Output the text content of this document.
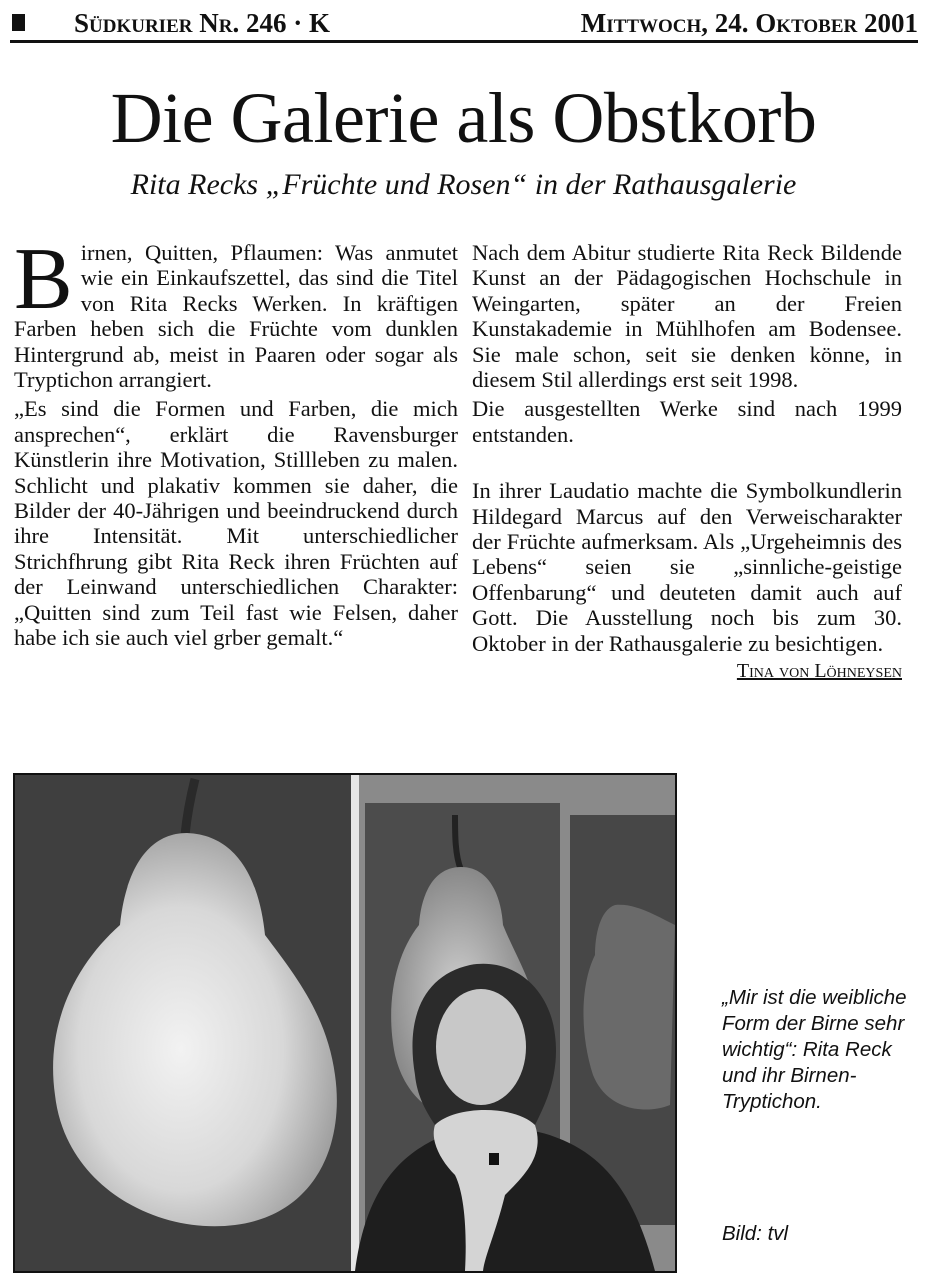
Südkurier Nr. 246 · K	Mittwoch, 24. Oktober 2001
Die Galerie als Obstkorb
Rita Recks „Früchte und Rosen“ in der Rathausgalerie

Birnen, Quitten, Pflaumen: Was anmutet wie ein Einkaufszettel, das sind die Titel von Rita Recks Werken. In kräftigen Farben heben sich die Früchte vom dunklen Hintergrund ab, meist in Paaren oder sogar als Tryptichon arrangiert.

„Es sind die Formen und Farben, die mich ansprechen“, erklärt die Ravensburger Künstlerin ihre Motivation, Stillleben zu malen. Schlicht und plakativ kommen sie daher, die Bilder der 40-Jährigen und beeindruckend durch ihre Intensität. Mit unterschiedlicher Strichfhrung gibt Rita Reck ihren Früchten auf der Leinwand unterschiedlichen Charakter: „Quitten sind zum Teil fast wie Felsen, daher habe ich sie auch viel grber gemalt.“

Nach dem Abitur studierte Rita Reck Bildende Kunst an der Pädagogischen Hochschule in Weingarten, später an der Freien Kunstakademie in Mühlhofen am Bodensee. Sie male schon, seit sie denken könne, in diesem Stil allerdings erst seit 1998.

Die ausgestellten Werke sind nach 1999 entstanden.

In ihrer Laudatio machte die Symbolkundlerin Hildegard Marcus auf den Verweischarakter der Früchte aufmerksam. Als „Urgeheimnis des Lebens“ seien sie „sinnliche-geistige Offenbarung“ und deuteten damit auch auf Gott. Die Ausstellung noch bis zum 30. Oktober in der Rathausgalerie zu besichtigen.
Tina von Löhneysen

„Mir ist die weibliche Form der Birne sehr wichtig“: Rita Reck und ihr Birnen-Tryptichon.
Bild: tvl
